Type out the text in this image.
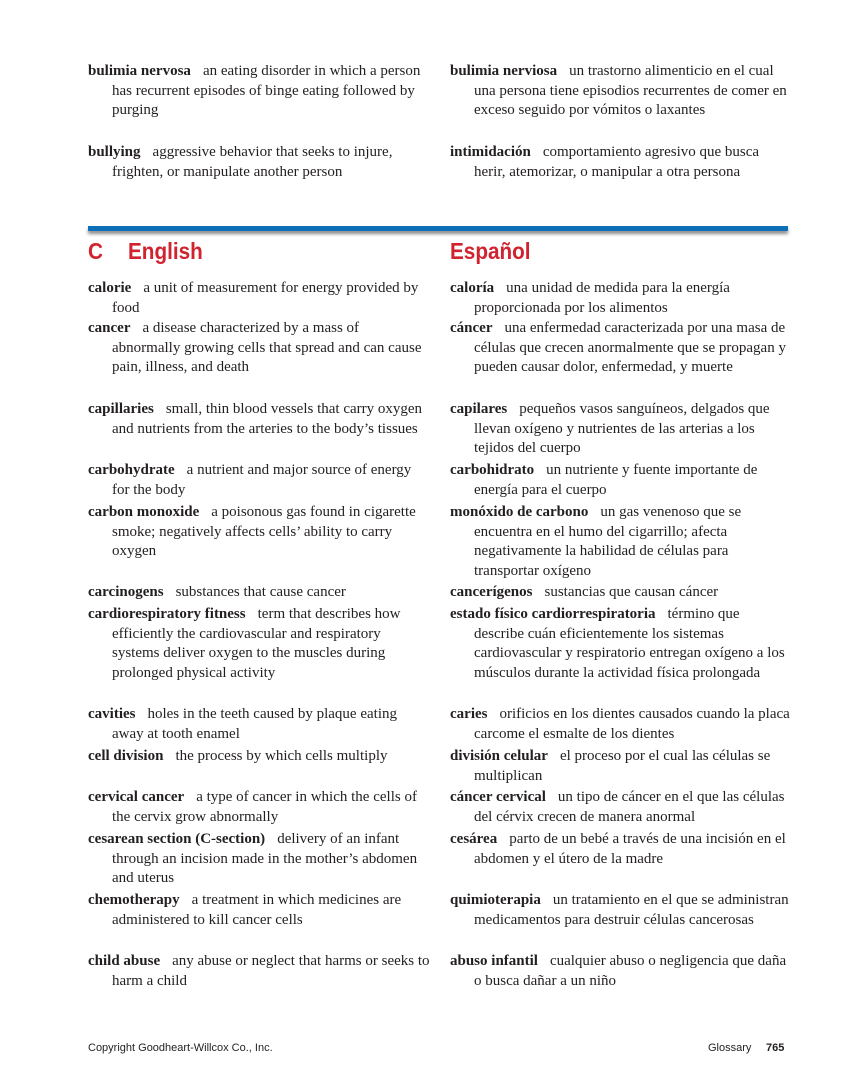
bulimia nervosa an eating disorder in which a person has recurrent episodes of binge eating followed by purging
bulimia nerviosa un trastorno alimenticio en el cual una persona tiene episodios recurrentes de comer en exceso seguido por vómitos o laxantes
bullying aggressive behavior that seeks to injure, frighten, or manipulate another person
intimidación comportamiento agresivo que busca herir, atemorizar, o manipular a otra persona
calorie a unit of measurement for energy provided by food
caloría una unidad de medida para la energía proporcionada por los alimentos
cancer a disease characterized by a mass of abnormally growing cells that spread and can cause pain, illness, and death
cáncer una enfermedad caracterizada por una masa de células que crecen anormalmente que se propagan y pueden causar dolor, enfermedad, y muerte
capillaries small, thin blood vessels that carry oxygen and nutrients from the arteries to the body’s tissues
capilares pequeños vasos sanguíneos, delgados que llevan oxígeno y nutrientes de las arterias a los tejidos del cuerpo
carbohydrate a nutrient and major source of energy for the body
carbohidrato un nutriente y fuente importante de energía para el cuerpo
carbon monoxide a poisonous gas found in cigarette smoke; negatively affects cells’ ability to carry oxygen
monóxido de carbono un gas venenoso que se encuentra en el humo del cigarrillo; afecta negativamente la habilidad de células para transportar oxígeno
carcinogens substances that cause cancer	cancerígenos sustancias que causan cáncer
cardiorespiratory fitness term that describes how efficiently the cardiovascular and respiratory systems deliver oxygen to the muscles during prolonged physical activity
estado físico cardiorrespiratoria término que describe cuán eficientemente los sistemas cardiovascular y respiratorio entregan oxígeno a los músculos durante la actividad física prolongada
cavities holes in the teeth caused by plaque eating away at tooth enamel
caries orificios en los dientes causados cuando la placa carcome el esmalte de los dientes
cell division the process by which cells multiply	división celular el proceso por el cual las células se multiplican
cervical cancer a type of cancer in which the cells of the cervix grow abnormally
cáncer cervical un tipo de cáncer en el que las células del cérvix crecen de manera anormal
cesarean section (C-section) delivery of an infant through an incision made in the mother’s abdomen and uterus
cesárea parto de un bebé a través de una incisión en el abdomen y el útero de la madre
chemotherapy a treatment in which medicines are administered to kill cancer cells
quimioterapia un tratamiento en el que se administran medicamentos para destruir células cancerosas
child abuse any abuse or neglect that harms or seeks to harm a child
abuso infantil cualquier abuso o negligencia que daña o busca dañar a un niño
C English	Español
Copyright Goodheart-Willcox Co., Inc.	Glossary 765
